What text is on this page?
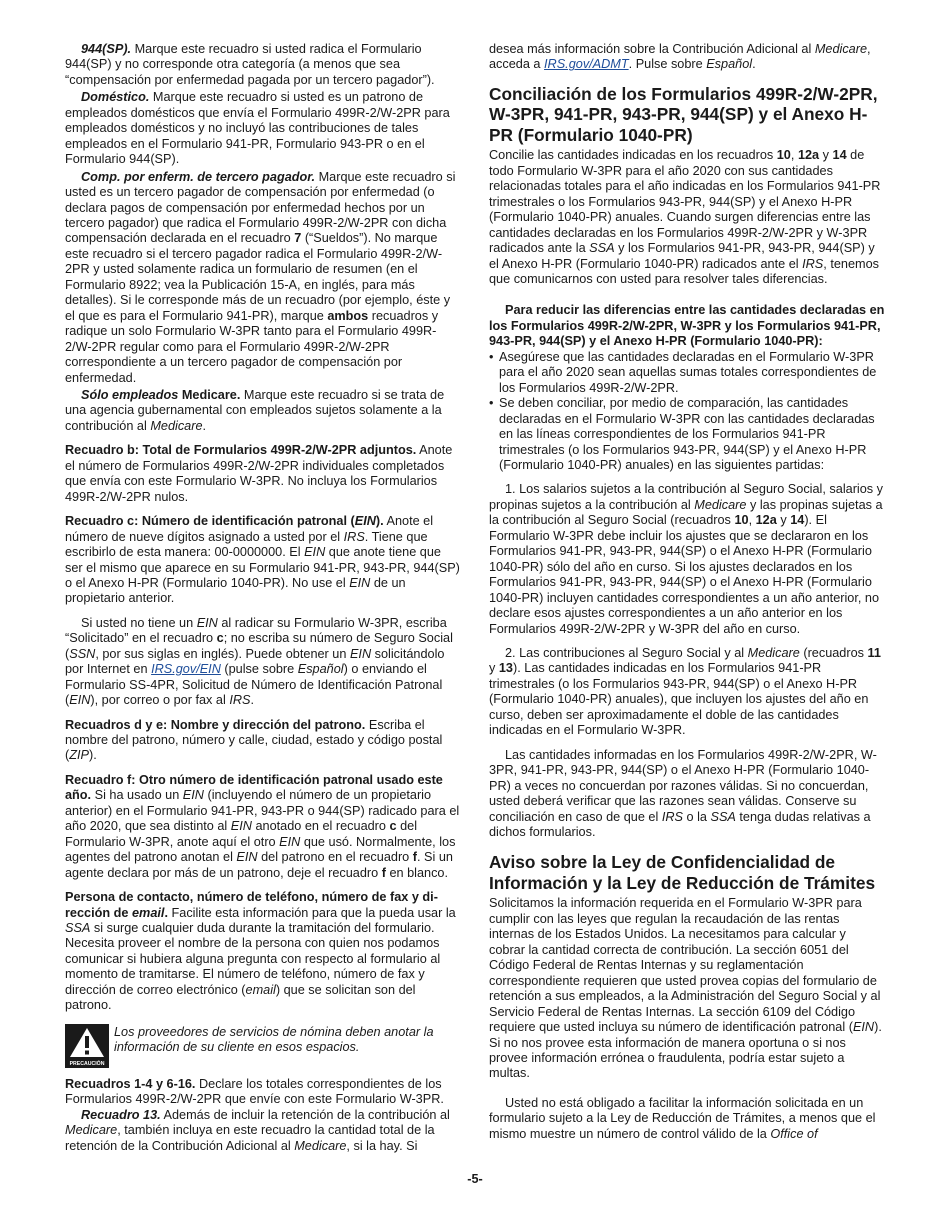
944(SP). Marque este recuadro si usted radica el Formulario 944(SP) y no corresponde otra categoría (a menos que sea “compensación por enfermedad pagada por un tercero pagador”).

Doméstico. Marque este recuadro si usted es un patrono de empleados domésticos que envía el Formulario 499R-2/W-2PR para empleados domésticos y no incluyó las contribuciones de tales empleados en el Formulario 941-PR, Formulario 943-PR o en el Formulario 944(SP).

Comp. por enferm. de tercero pagador. Marque este recuadro si usted es un tercero pagador de compensación por enfermedad (o declara pagos de compensación por enfermedad hechos por un tercero pagador) que radica el Formulario 499R-2/W-2PR con dicha compensación declarada en el recuadro 7 (“Sueldos”). No marque este recuadro si el tercero pagador radica el Formulario 499R-2/W-2PR y usted solamente radica un formulario de resumen (en el Formulario 8922; vea la Publicación 15-A, en inglés, para más detalles). Si le corresponde más de un recuadro (por ejemplo, éste y el que es para el Formulario 941-PR), marque ambos recuadros y radique un solo Formulario W-3PR tanto para el Formulario 499R-2/W-2PR regular como para el Formulario 499R-2/W-2PR correspondiente a un tercero pagador de compensación por enfermedad.

Sólo empleados Medicare. Marque este recuadro si se trata de una agencia gubernamental con empleados sujetos solamente a la contribución al Medicare.

Recuadro b: Total de Formularios 499R-2/W-2PR adjuntos. Anote el número de Formularios 499R-2/W-2PR individuales completados que envía con este Formulario W-3PR. No incluya los Formularios 499R-2/W-2PR nulos.

Recuadro c: Número de identificación patronal (EIN). Anote el número de nueve dígitos asignado a usted por el IRS. Tiene que escribirlo de esta manera: 00-0000000. El EIN que anote tiene que ser el mismo que aparece en su Formulario 941-PR, 943-PR, 944(SP) o el Anexo H-PR (Formulario 1040-PR). No use el EIN de un propietario anterior.

Si usted no tiene un EIN al radicar su Formulario W-3PR, escriba “Solicitado” en el recuadro c; no escriba su número de Seguro Social (SSN, por sus siglas en inglés). Puede obtener un EIN solicitándolo por Internet en IRS.gov/EIN (pulse sobre Español) o enviando el Formulario SS-4PR, Solicitud de Número de Identificación Patronal (EIN), por correo o por fax al IRS.

Recuadros d y e: Nombre y dirección del patrono. Escriba el nombre del patrono, número y calle, ciudad, estado y código postal (ZIP).

Recuadro f: Otro número de identificación patronal usado este año. Si ha usado un EIN (incluyendo el número de un propietario anterior) en el Formulario 941-PR, 943-PR o 944(SP) radicado para el año 2020, que sea distinto al EIN anotado en el recuadro c del Formulario W-3PR, anote aquí el otro EIN que usó. Normalmente, los agentes del patrono anotan el EIN del patrono en el recuadro f. Si un agente declara por más de un patrono, deje el recuadro f en blanco.

Persona de contacto, número de teléfono, número de fax y di-rección de email. Facilite esta información para que la pueda usar la SSA si surge cualquier duda durante la tramitación del formulario. Necesita proveer el nombre de la persona con quien nos podamos comunicar si hubiera alguna pregunta con respecto al formulario al momento de tramitarse. El número de teléfono, número de fax y dirección de correo electrónico (email) que se solicitan son del patrono.

PRECAUCIÓN
Los proveedores de servicios de nómina deben anotar la información de su cliente en esos espacios.

Recuadros 1-4 y 6-16. Declare los totales correspondientes de los Formularios 499R-2/W-2PR que envíe con este Formulario W-3PR.

Recuadro 13. Además de incluir la retención de la contribución al Medicare, también incluya en este recuadro la cantidad total de la retención de la Contribución Adicional al Medicare, si la hay. Si

desea más información sobre la Contribución Adicional al Medicare, acceda a IRS.gov/ADMT. Pulse sobre Español.

Conciliación de los Formularios 499R-2/W-2PR, W-3PR, 941-PR, 943-PR, 944(SP) y el Anexo H-PR (Formulario 1040-PR)

Concilie las cantidades indicadas en los recuadros 10, 12a y 14 de todo Formulario W-3PR para el año 2020 con sus cantidades relacionadas totales para el año indicadas en los Formularios 941-PR trimestrales o los Formularios 943-PR, 944(SP) y el Anexo H-PR (Formulario 1040-PR) anuales. Cuando surgen diferencias entre las cantidades declaradas en los Formularios 499R-2/W-2PR y W-3PR radicados ante la SSA y los Formularios 941-PR, 943-PR, 944(SP) y el Anexo H-PR (Formulario 1040-PR) radicados ante el IRS, tenemos que comunicarnos con usted para resolver tales diferencias.

Para reducir las diferencias entre las cantidades declaradas en los Formularios 499R-2/W-2PR, W-3PR y los Formularios 941-PR, 943-PR, 944(SP) y el Anexo H-PR (Formulario 1040-PR):

• Asegúrese que las cantidades declaradas en el Formulario W-3PR para el año 2020 sean aquellas sumas totales correspondientes de los Formularios 499R-2/W-2PR.
• Se deben conciliar, por medio de comparación, las cantidades declaradas en el Formulario W-3PR con las cantidades declaradas en las líneas correspondientes de los Formularios 941-PR trimestrales (o los Formularios 943-PR, 944(SP) y el Anexo H-PR (Formulario 1040-PR) anuales) en las siguientes partidas:

1. Los salarios sujetos a la contribución al Seguro Social, salarios y propinas sujetos a la contribución al Medicare y las propinas sujetas a la contribución al Seguro Social (recuadros 10, 12a y 14). El Formulario W-3PR debe incluir los ajustes que se declararon en los Formularios 941-PR, 943-PR, 944(SP) o el Anexo H-PR (Formulario 1040-PR) sólo del año en curso. Si los ajustes declarados en los Formularios 941-PR, 943-PR, 944(SP) o el Anexo H-PR (Formulario 1040-PR) incluyen cantidades correspondientes a un año anterior, no declare esos ajustes correspondientes a un año anterior en los Formularios 499R-2/W-2PR y W-3PR del año en curso.

2. Las contribuciones al Seguro Social y al Medicare (recuadros 11 y 13). Las cantidades indicadas en los Formularios 941-PR trimestrales (o los Formularios 943-PR, 944(SP) o el Anexo H-PR (Formulario 1040-PR) anuales), que incluyen los ajustes del año en curso, deben ser aproximadamente el doble de las cantidades indicadas en el Formulario W-3PR.

Las cantidades informadas en los Formularios 499R-2/W-2PR, W-3PR, 941-PR, 943-PR, 944(SP) o el Anexo H-PR (Formulario 1040-PR) a veces no concuerdan por razones válidas. Si no concuerdan, usted deberá verificar que las razones sean válidas. Conserve su conciliación en caso de que el IRS o la SSA tenga dudas relativas a dichos formularios.

Aviso sobre la Ley de Confidencialidad de Información y la Ley de Reducción de Trámites

Solicitamos la información requerida en el Formulario W-3PR para cumplir con las leyes que regulan la recaudación de las rentas internas de los Estados Unidos. La necesitamos para calcular y cobrar la cantidad correcta de contribución. La sección 6051 del Código Federal de Rentas Internas y su reglamentación correspondiente requieren que usted provea copias del formulario de retención a sus empleados, a la Administración del Seguro Social y al Servicio Federal de Rentas Internas. La sección 6109 del Código requiere que usted incluya su número de identificación patronal (EIN). Si no nos provee esta información de manera oportuna o si nos provee información errónea o fraudulenta, podría estar sujeto a multas.

Usted no está obligado a facilitar la información solicitada en un formulario sujeto a la Ley de Reducción de Trámites, a menos que el mismo muestre un número de control válido de la Office of

-5-
